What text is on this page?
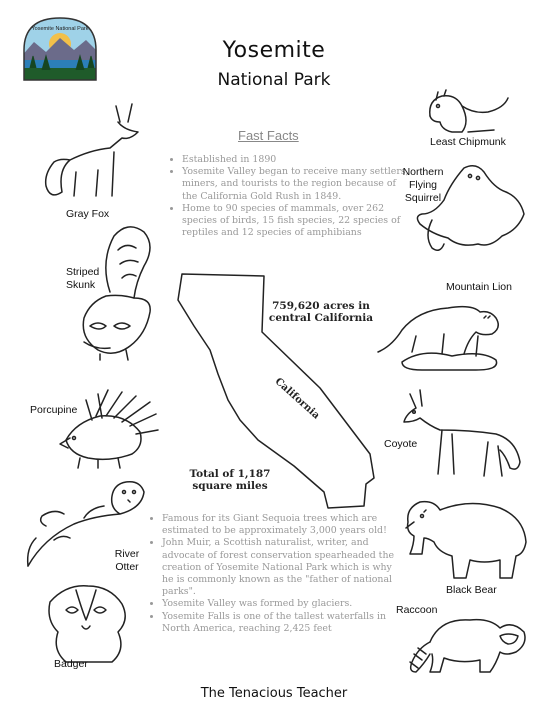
Yosemite National Park
Yosemite
National Park
Fast Facts
• Established in 1890
• Yosemite Valley began to receive many settlers, miners, and tourists to the region because of the California Gold Rush in 1849.
• Home to 90 species of mammals, over 262 species of birds, 15 fish species, 22 species of reptiles and 12 species of amphibians
759,620 acres in central California
California
Total of 1,187 square miles
• Famous for its Giant Sequoia trees which are estimated to be approximately 3,000 years old!
• John Muir, a Scottish naturalist, writer, and advocate of forest conservation spearheaded the creation of Yosemite National Park which is why he is commonly known as the "father of national parks".
• Yosemite Valley was formed by glaciers.
• Yosemite Falls is one of the tallest waterfalls in North America, reaching 2,425 feet
Gray Fox
Striped Skunk
Porcupine
River Otter
Badger
Least Chipmunk
Northern Flying Squirrel
Mountain Lion
Coyote
Black Bear
Raccoon
The Tenacious Teacher
